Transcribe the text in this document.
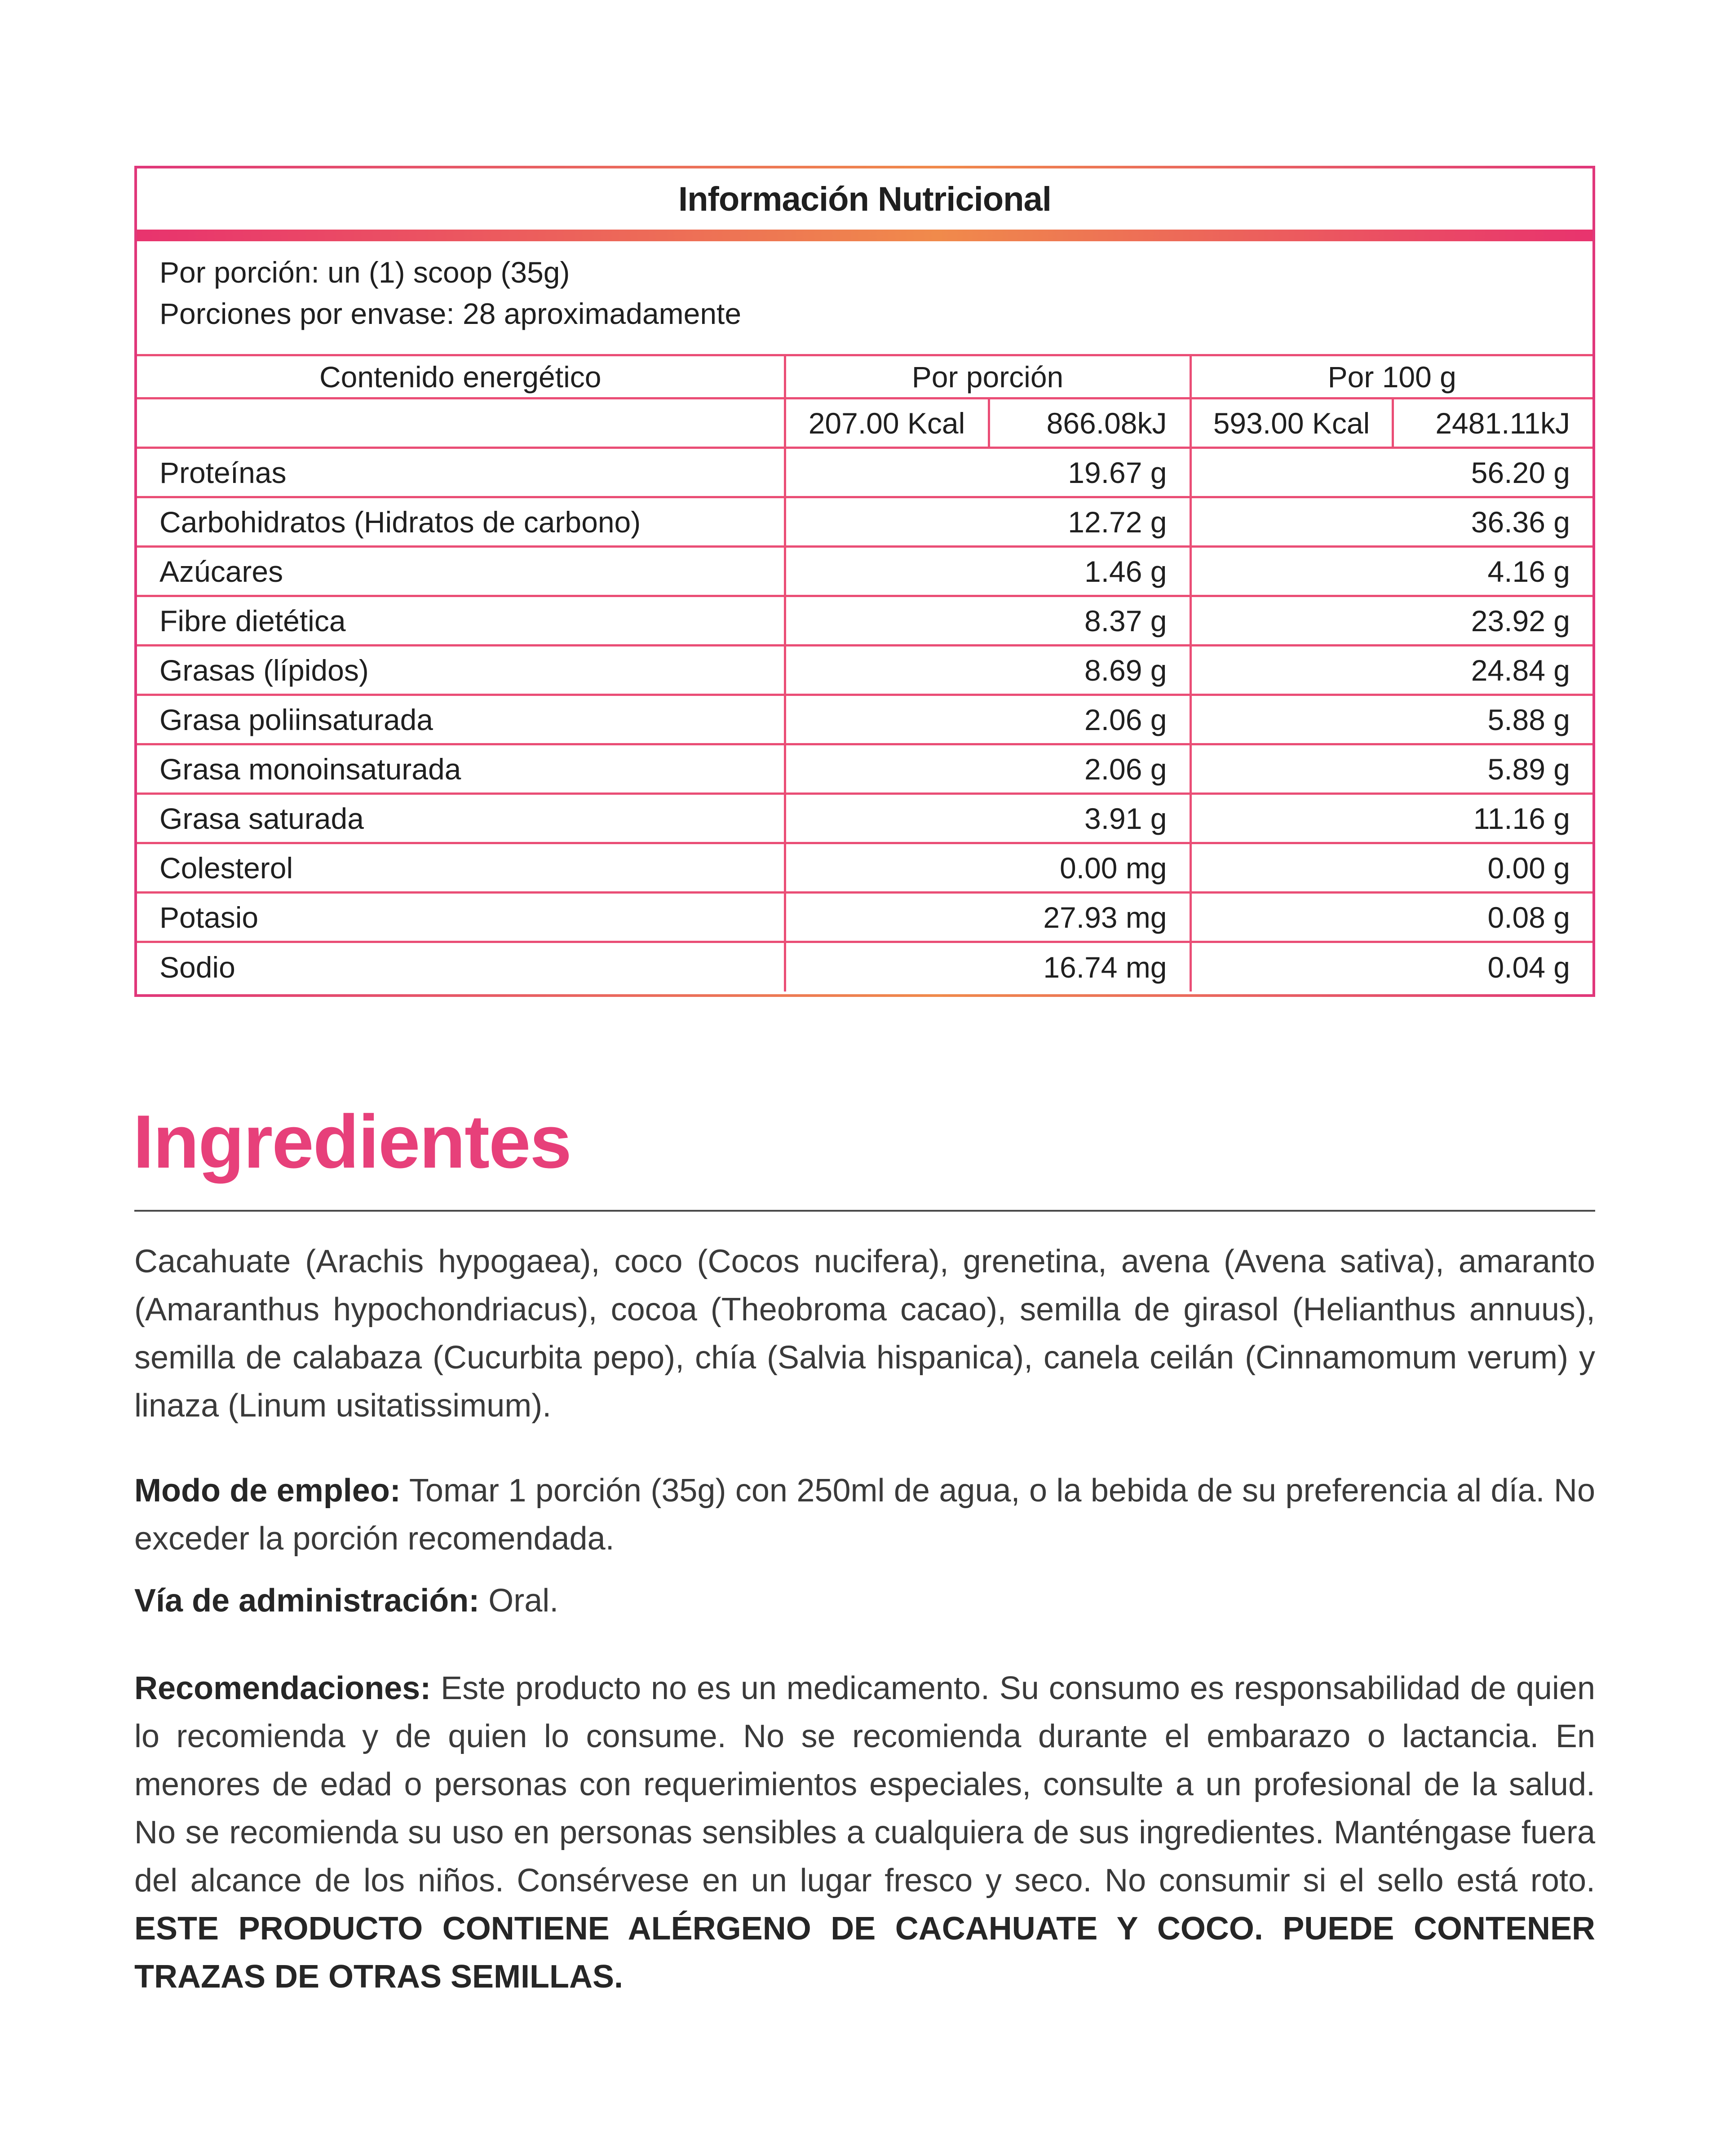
Información Nutricional
Por porción: un (1) scoop (35g)
Porciones por envase: 28 aproximadamente
Contenido energético	Por porción		Por 100 g	
	207.00 Kcal	866.08kJ	593.00 Kcal	2481.11kJ
Proteínas	19.67 g		56.20 g	
Carbohidratos (Hidratos de carbono)	12.72 g		36.36 g	
Azúcares	1.46 g		4.16 g	
Fibre dietética	8.37 g		23.92 g	
Grasas (lípidos)	8.69 g		24.84 g	
Grasa poliinsaturada	2.06 g		5.88 g	
Grasa monoinsaturada	2.06 g		5.89 g	
Grasa saturada	3.91 g		11.16 g	
Colesterol	0.00 mg		0.00 g	
Potasio	27.93 mg		0.08 g	
Sodio	16.74 mg		0.04 g	
Ingredientes

Cacahuate (Arachis hypogaea), coco (Cocos nucifera), grenetina, avena (Avena sativa), amaranto (Amaranthus hypochondriacus), cocoa (Theobroma cacao), semilla de girasol (Helianthus annuus), semilla de calabaza (Cucurbita pepo), chía (Salvia hispanica), canela ceilán (Cinnamomum verum) y linaza (Linum usitatissimum).

Modo de empleo: Tomar 1 porción (35g) con 250ml de agua, o la bebida de su preferencia al día. No exceder la porción recomendada.

Vía de administración: Oral.

Recomendaciones: Este producto no es un medicamento. Su consumo es responsabilidad de quien lo recomienda y de quien lo consume. No se recomienda durante el embarazo o lactancia. En menores de edad o personas con requerimientos especiales, consulte a un profesional de la salud. No se recomienda su uso en personas sensibles a cualquiera de sus ingredientes. Manténgase fuera del alcance de los niños. Consérvese en un lugar fresco y seco. No consumir si el sello está roto. ESTE PRODUCTO CONTIENE ALÉRGENO DE CACAHUATE Y COCO. PUEDE CONTENER TRAZAS DE OTRAS SEMILLAS.
